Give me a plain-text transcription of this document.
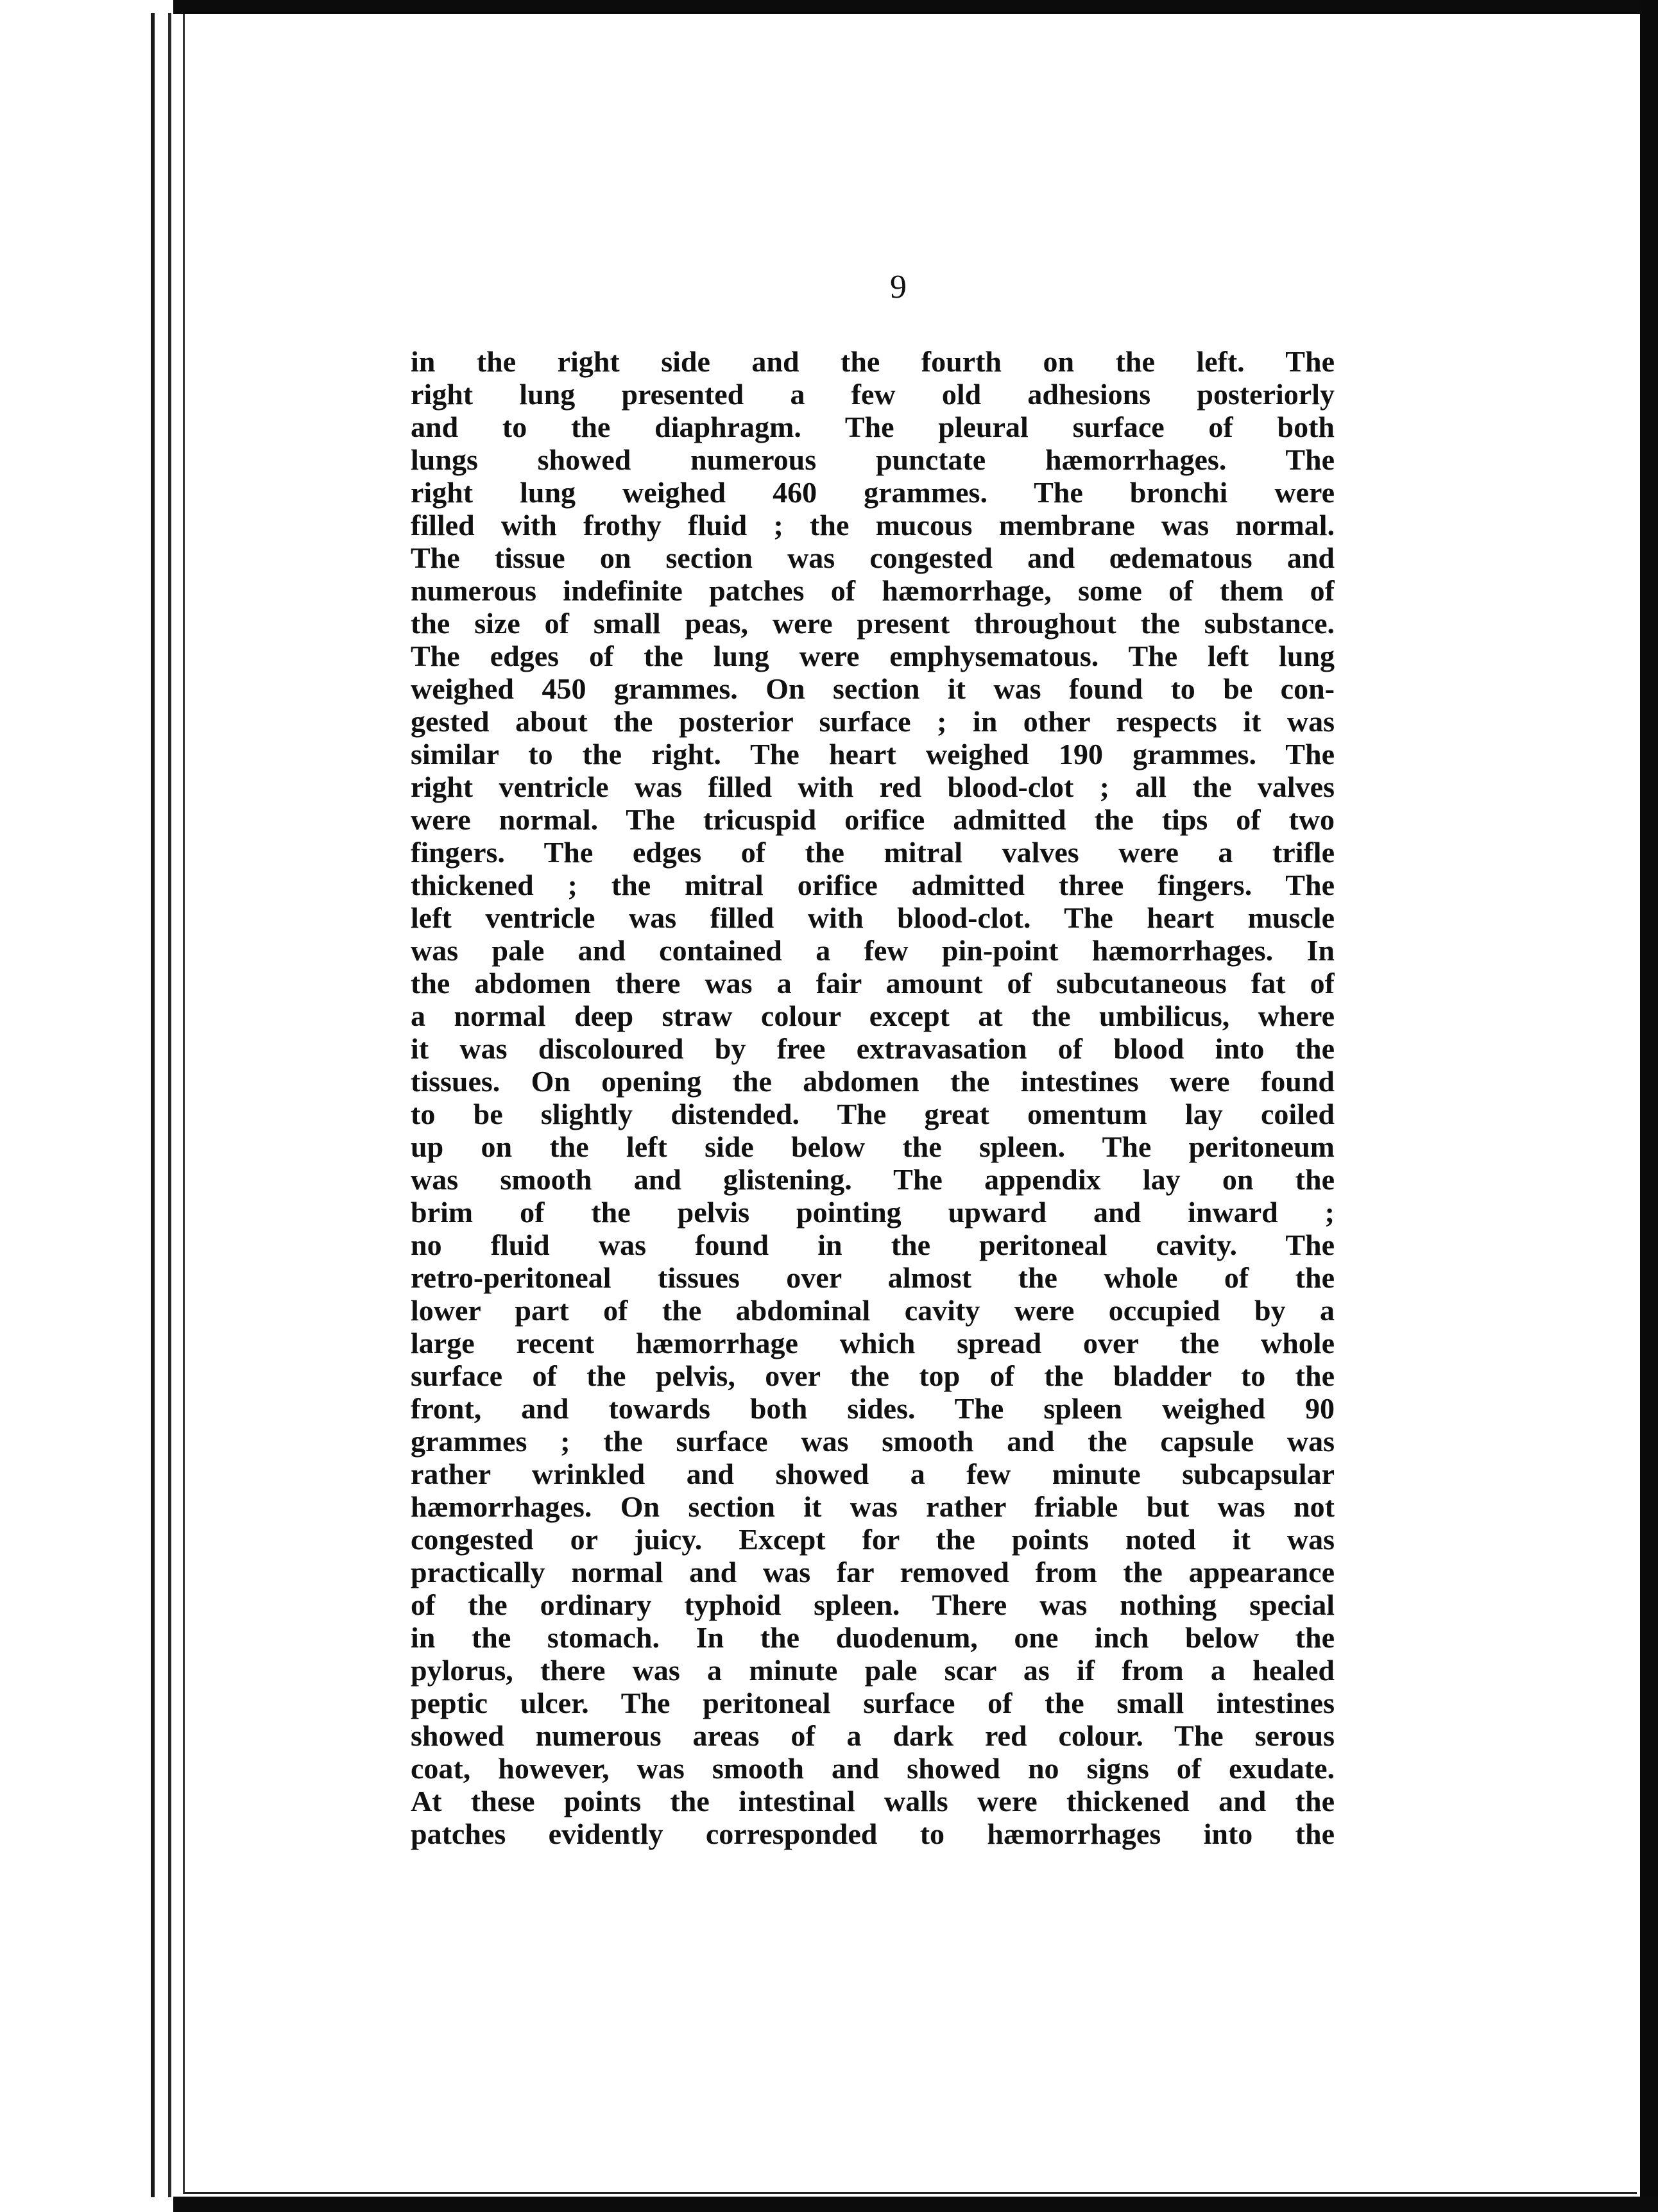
9
in the right side and the fourth on the left. The
right lung presented a few old adhesions posteriorly
and to the diaphragm. The pleural surface of both
lungs showed numerous punctate hæmorrhages. The
right lung weighed 460 grammes. The bronchi were
filled with frothy fluid ; the mucous membrane was normal.
The tissue on section was congested and œdematous and
numerous indefinite patches of hæmorrhage, some of them of
the size of small peas, were present throughout the substance.
The edges of the lung were emphysematous. The left lung
weighed 450 grammes. On section it was found to be con-
gested about the posterior surface ; in other respects it was
similar to the right. The heart weighed 190 grammes. The
right ventricle was filled with red blood-clot ; all the valves
were normal. The tricuspid orifice admitted the tips of two
fingers. The edges of the mitral valves were a trifle
thickened ; the mitral orifice admitted three fingers. The
left ventricle was filled with blood-clot. The heart muscle
was pale and contained a few pin-point hæmorrhages. In
the abdomen there was a fair amount of subcutaneous fat of
a normal deep straw colour except at the umbilicus, where
it was discoloured by free extravasation of blood into the
tissues. On opening the abdomen the intestines were found
to be slightly distended. The great omentum lay coiled
up on the left side below the spleen. The peritoneum
was smooth and glistening. The appendix lay on the
brim of the pelvis pointing upward and inward ;
no fluid was found in the peritoneal cavity. The
retro-peritoneal tissues over almost the whole of the
lower part of the abdominal cavity were occupied by a
large recent hæmorrhage which spread over the whole
surface of the pelvis, over the top of the bladder to the
front, and towards both sides. The spleen weighed 90
grammes ; the surface was smooth and the capsule was
rather wrinkled and showed a few minute subcapsular
hæmorrhages. On section it was rather friable but was not
congested or juicy. Except for the points noted it was
practically normal and was far removed from the appearance
of the ordinary typhoid spleen. There was nothing special
in the stomach. In the duodenum, one inch below the
pylorus, there was a minute pale scar as if from a healed
peptic ulcer. The peritoneal surface of the small intestines
showed numerous areas of a dark red colour. The serous
coat, however, was smooth and showed no signs of exudate.
At these points the intestinal walls were thickened and the
patches evidently corresponded to hæmorrhages into the
